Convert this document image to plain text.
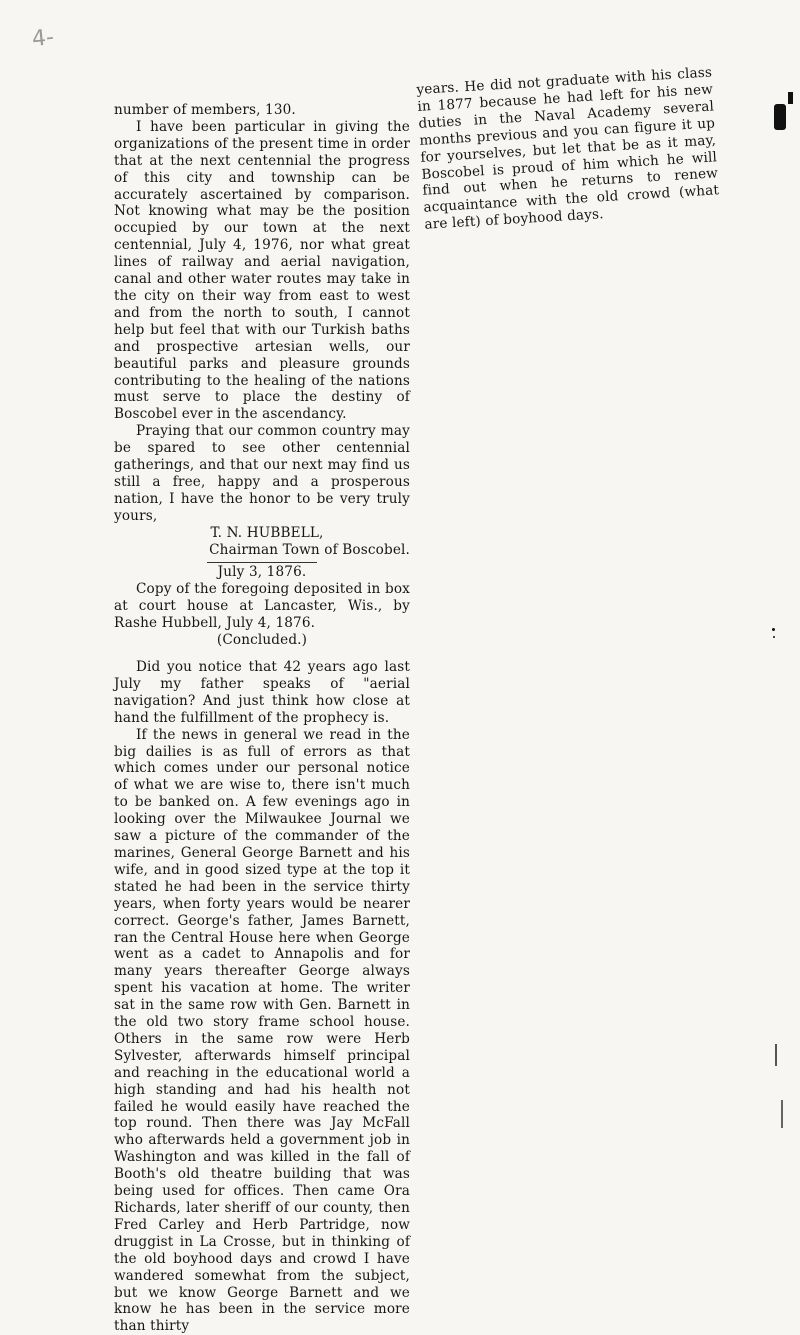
4-

number of members, 130.

I have been particular in giving the organizations of the present time in order that at the next centennial the progress of this city and township can be accurately ascertained by comparison. Not knowing what may be the position occupied by our town at the next centennial, July 4, 1976, nor what great lines of railway and aerial navigation, canal and other water routes may take in the city on their way from east to west and from the north to south, I cannot help but feel that with our Turkish baths and prospective artesian wells, our beautiful parks and pleasure grounds contributing to the healing of the nations must serve to place the destiny of Boscobel ever in the ascendancy.

Praying that our common country may be spared to see other centennial gatherings, and that our next may find us still a free, happy and a prosperous nation, I have the honor to be very truly yours,

T. N. HUBBELL,
Chairman Town of Boscobel.
July 3, 1876.

Copy of the foregoing deposited in box at court house at Lancaster, Wis., by Rashe Hubbell, July 4, 1876.

(Concluded.)

Did you notice that 42 years ago last July my father speaks of "aerial navigation? And just think how close at hand the fulfillment of the prophecy is.

If the news in general we read in the big dailies is as full of errors as that which comes under our personal notice of what we are wise to, there isn't much to be banked on. A few evenings ago in looking over the Milwaukee Journal we saw a picture of the commander of the marines, General George Barnett and his wife, and in good sized type at the top it stated he had been in the service thirty years, when forty years would be nearer correct. George's father, James Barnett, ran the Central House here when George went as a cadet to Annapolis and for many years thereafter George always spent his vacation at home. The writer sat in the same row with Gen. Barnett in the old two story frame school house. Others in the same row were Herb Sylvester, afterwards himself principal and reaching in the educational world a high standing and had his health not failed he would easily have reached the top round. Then there was Jay McFall who afterwards held a government job in Washington and was killed in the fall of Booth's old theatre building that was being used for offices. Then came Ora Richards, later sheriff of our county, then Fred Carley and Herb Partridge, now druggist in La Crosse, but in thinking of the old boyhood days and crowd I have wandered somewhat from the subject, but we know George Barnett and we know he has been in the service more than thirty

years. He did not graduate with his class in 1877 because he had left for his new duties in the Naval Academy several months previous and you can figure it up for yourselves, but let that be as it may, Boscobel is proud of him which he will find out when he returns to renew acquaintance with the old crowd (what are left) of boyhood days.
